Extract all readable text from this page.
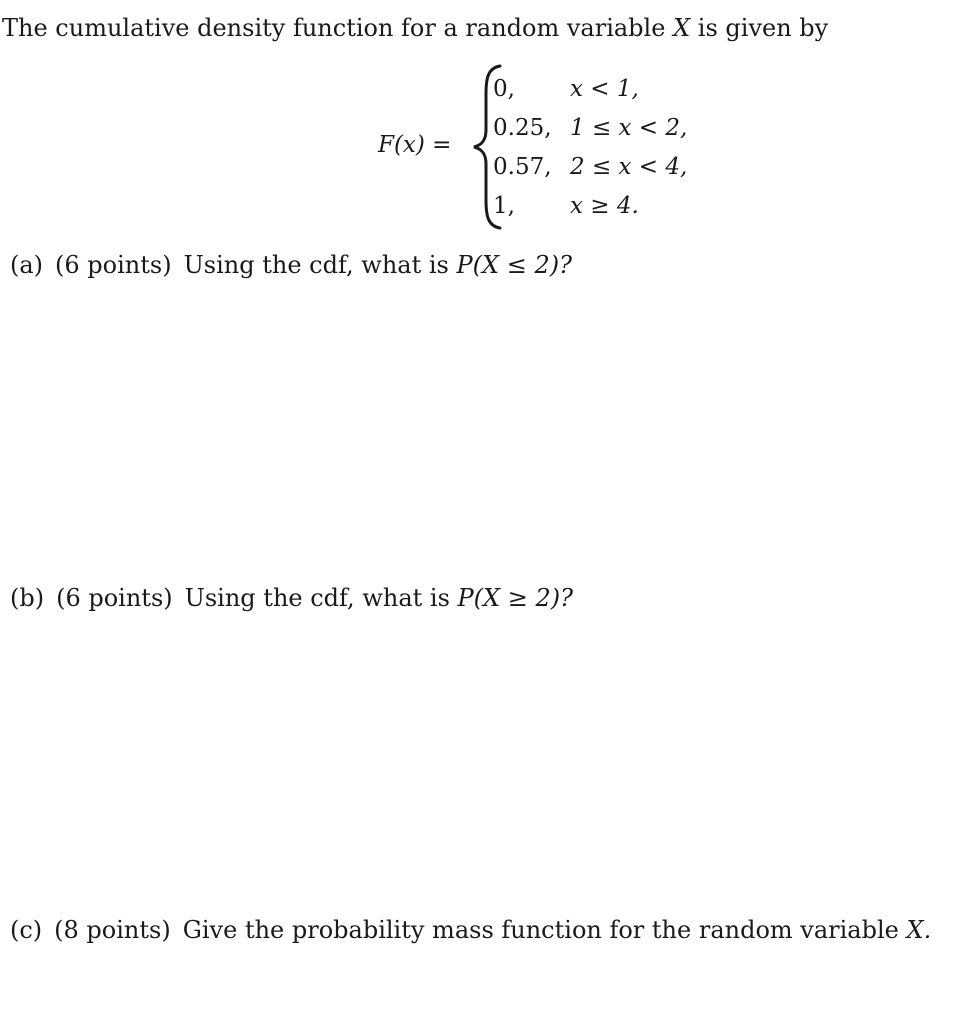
The cumulative density function for a random variable X is given by
F(x) =
0,
0.25,
0.57,
1,
x < 1,
1 ≤ x < 2,
2 ≤ x < 4,
x ≥ 4.
(a) (6 points) Using the cdf, what is P(X ≤ 2)?
(b) (6 points) Using the cdf, what is P(X ≥ 2)?
(c) (8 points) Give the probability mass function for the random variable X.
